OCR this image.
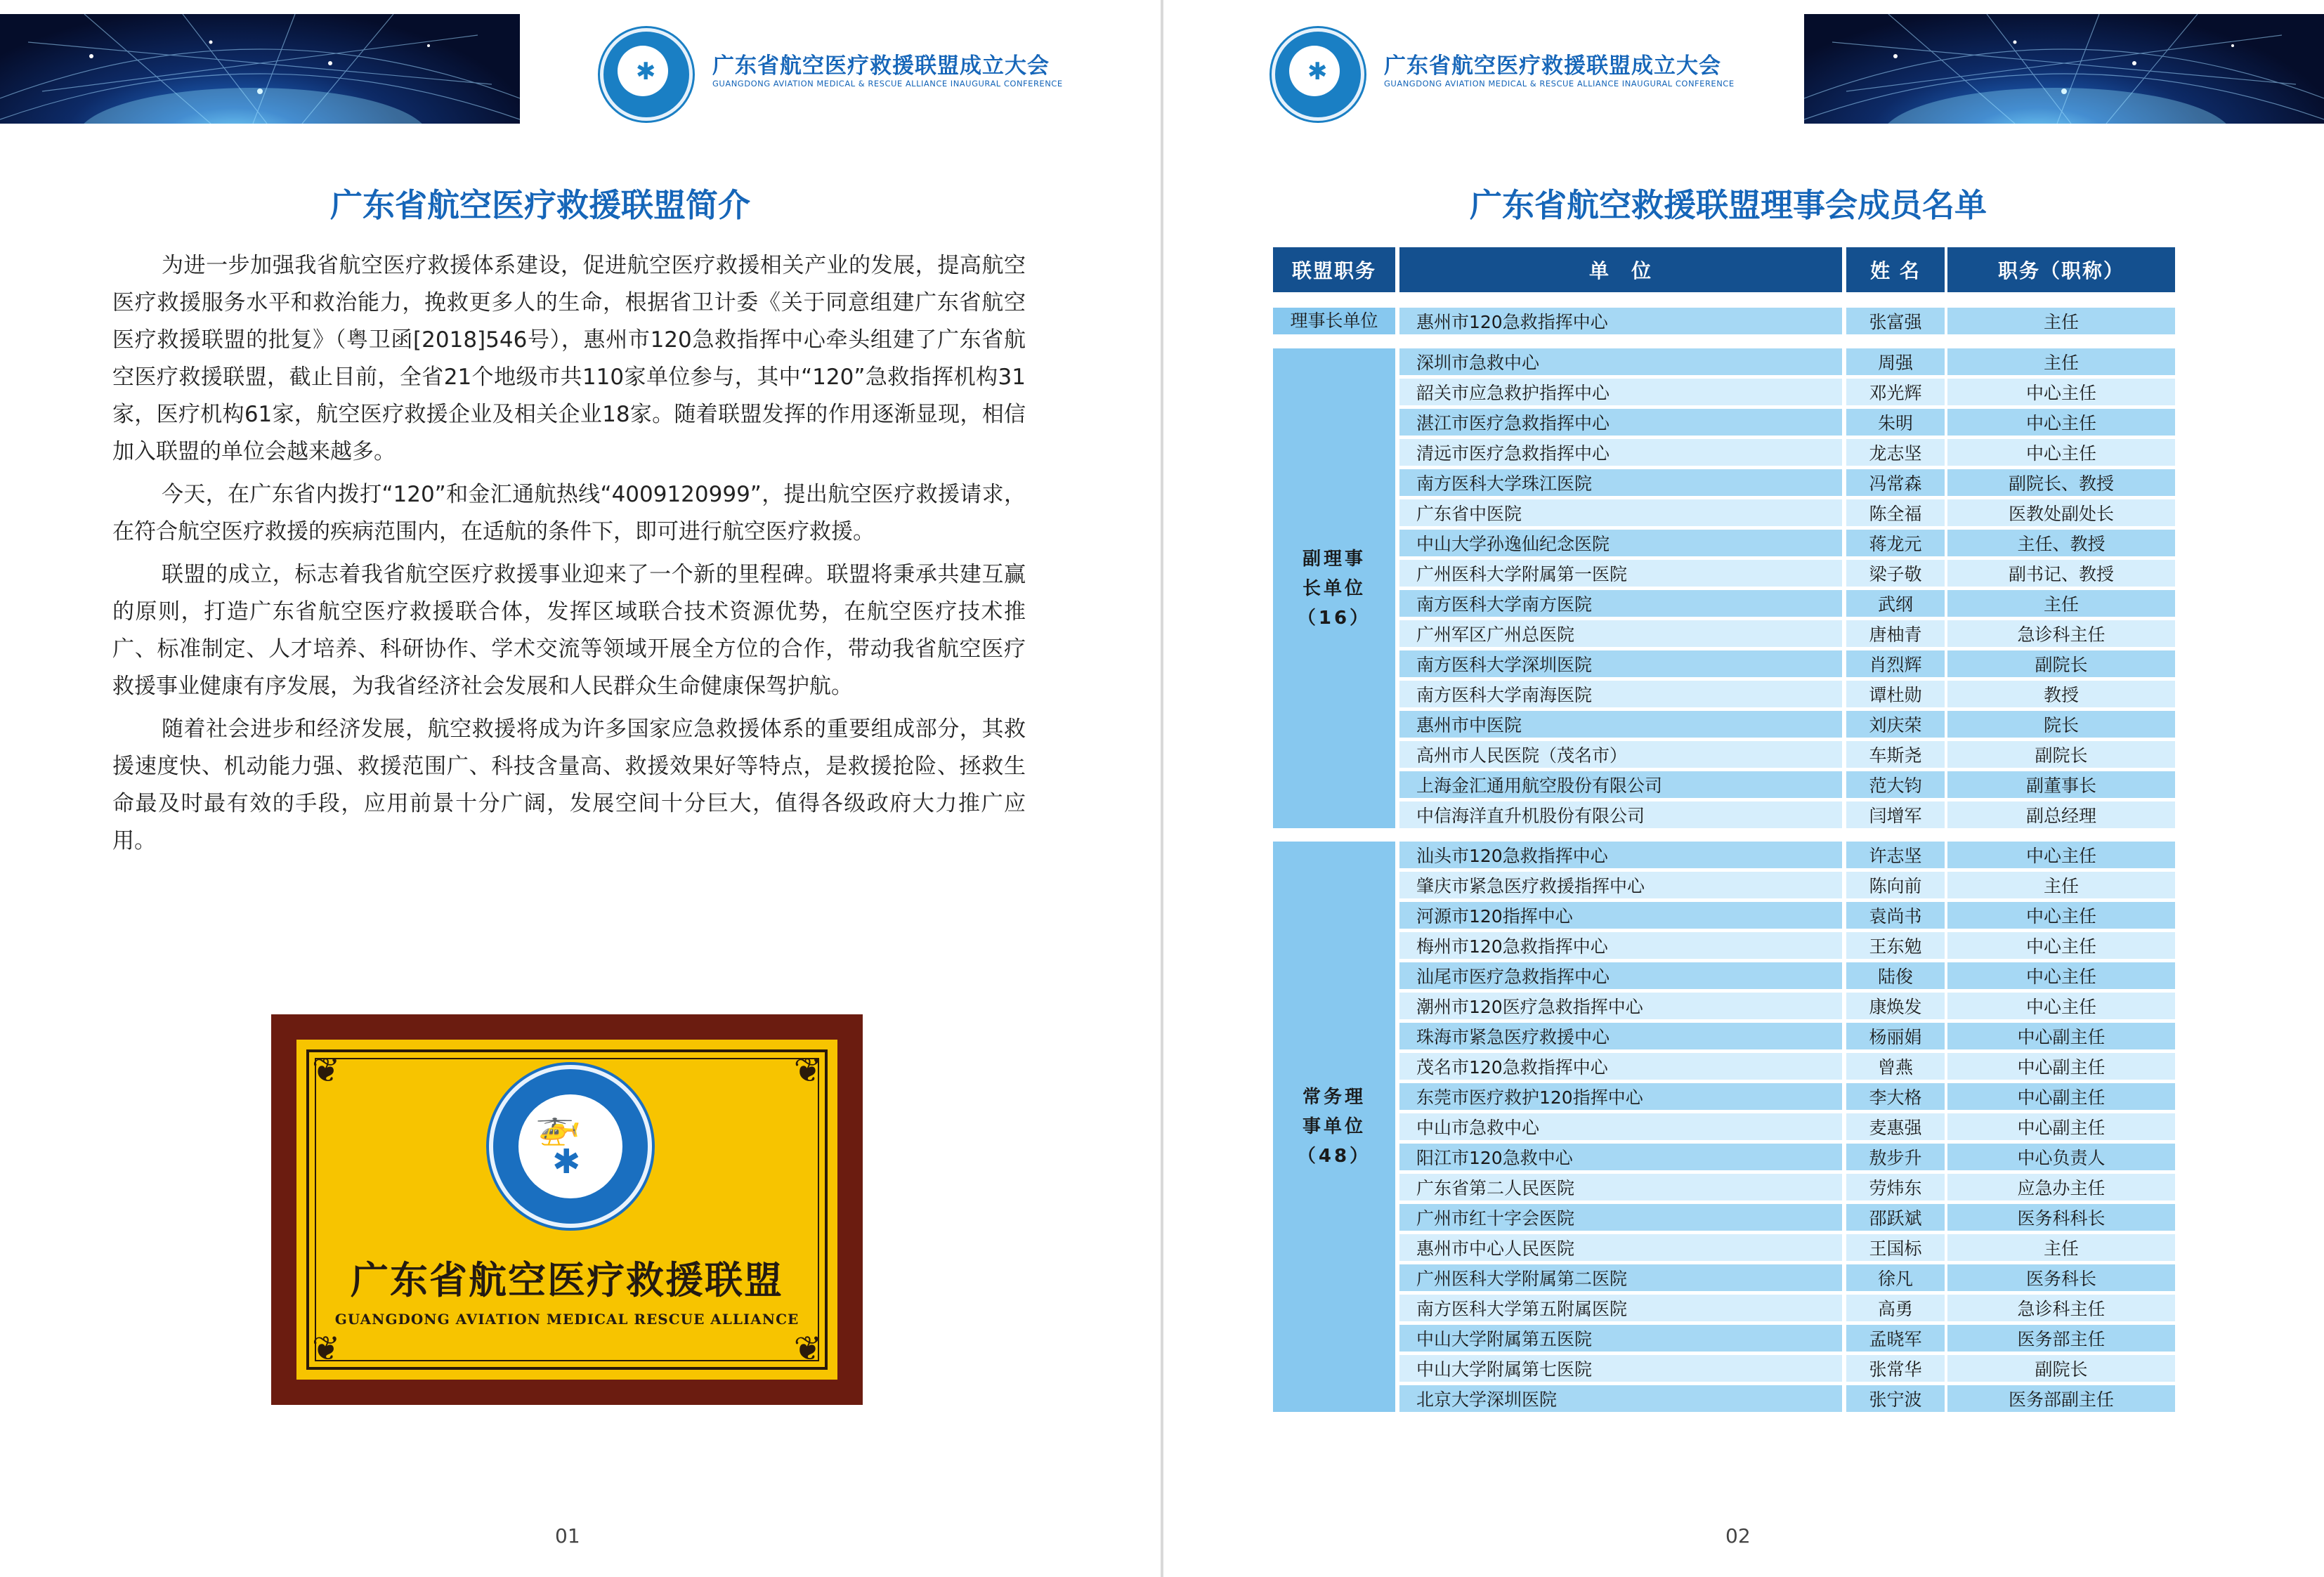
✱	广东省航空医疗救援联盟成立大会
GUANGDONG AVIATION MEDICAL & RESCUE ALLIANCE INAUGURAL CONFERENCE
广东省航空医疗救援联盟简介

为进一步加强我省航空医疗救援体系建设，促进航空医疗救援相关产业的发展，提高航空医疗救援服务水平和救治能力，挽救更多人的生命，根据省卫计委《关于同意组建广东省航空医疗救援联盟的批复》（粤卫函[2018]546号），惠州市120急救指挥中心牵头组建了广东省航空医疗救援联盟，截止目前，全省21个地级市共110家单位参与，其中“120”急救指挥机构31家，医疗机构61家，航空医疗救援企业及相关企业18家。随着联盟发挥的作用逐渐显现，相信加入联盟的单位会越来越多。

今天，在广东省内拨打“120”和金汇通航热线“4009120999”，提出航空医疗救援请求，在符合航空医疗救援的疾病范围内，在适航的条件下，即可进行航空医疗救援。

联盟的成立，标志着我省航空医疗救援事业迎来了一个新的里程碑。联盟将秉承共建互赢的原则，打造广东省航空医疗救援联合体，发挥区域联合技术资源优势，在航空医疗技术推广、标准制定、人才培养、科研协作、学术交流等领域开展全方位的合作，带动我省航空医疗救援事业健康有序发展，为我省经济社会发展和人民群众生命健康保驾护航。

随着社会进步和经济发展，航空救援将成为许多国家应急救援体系的重要组成部分，其救援速度快、机动能力强、救援范围广、科技含量高、救援效果好等特点，是救援抢险、拯救生命最及时最有效的手段，应用前景十分广阔，发展空间十分巨大，值得各级政府大力推广应用。

❦	❦
❦	❦
🚁
✱
广东省航空医疗救援联盟
GUANGDONG AVIATION MEDICAL RESCUE ALLIANCE
01
✱	广东省航空医疗救援联盟成立大会
GUANGDONG AVIATION MEDICAL & RESCUE ALLIANCE INAUGURAL CONFERENCE
广东省航空救援联盟理事会成员名单
联盟职务	单　位	姓 名	职务（职称）
理事长单位	惠州市120急救指挥中心	张富强	主任
副理事
长单位
（16）
深圳市急救中心	周强	主任
韶关市应急救护指挥中心	邓光辉	中心主任
湛江市医疗急救指挥中心	朱明	中心主任
清远市医疗急救指挥中心	龙志坚	中心主任
南方医科大学珠江医院	冯常森	副院长、教授
广东省中医院	陈全福	医教处副处长
中山大学孙逸仙纪念医院	蒋龙元	主任、教授
广州医科大学附属第一医院	梁子敬	副书记、教授
南方医科大学南方医院	武纲	主任
广州军区广州总医院	唐柚青	急诊科主任
南方医科大学深圳医院	肖烈辉	副院长
南方医科大学南海医院	谭杜勋	教授
惠州市中医院	刘庆荣	院长
高州市人民医院（茂名市）	车斯尧	副院长
上海金汇通用航空股份有限公司	范大钧	副董事长
中信海洋直升机股份有限公司	闫增军	副总经理
常务理
事单位
（48）
汕头市120急救指挥中心	许志坚	中心主任
肇庆市紧急医疗救援指挥中心	陈向前	主任
河源市120指挥中心	袁尚书	中心主任
梅州市120急救指挥中心	王东勉	中心主任
汕尾市医疗急救指挥中心	陆俊	中心主任
潮州市120医疗急救指挥中心	康焕发	中心主任
珠海市紧急医疗救援中心	杨丽娟	中心副主任
茂名市120急救指挥中心	曾燕	中心副主任
东莞市医疗救护120指挥中心	李大格	中心副主任
中山市急救中心	麦惠强	中心副主任
阳江市120急救中心	敖步升	中心负责人
广东省第二人民医院	劳炜东	应急办主任
广州市红十字会医院	邵跃斌	医务科科长
惠州市中心人民医院	王国标	主任
广州医科大学附属第二医院	徐凡	医务科长
南方医科大学第五附属医院	高勇	急诊科主任
中山大学附属第五医院	孟晓军	医务部主任
中山大学附属第七医院	张常华	副院长
北京大学深圳医院	张宁波	医务部副主任
02
